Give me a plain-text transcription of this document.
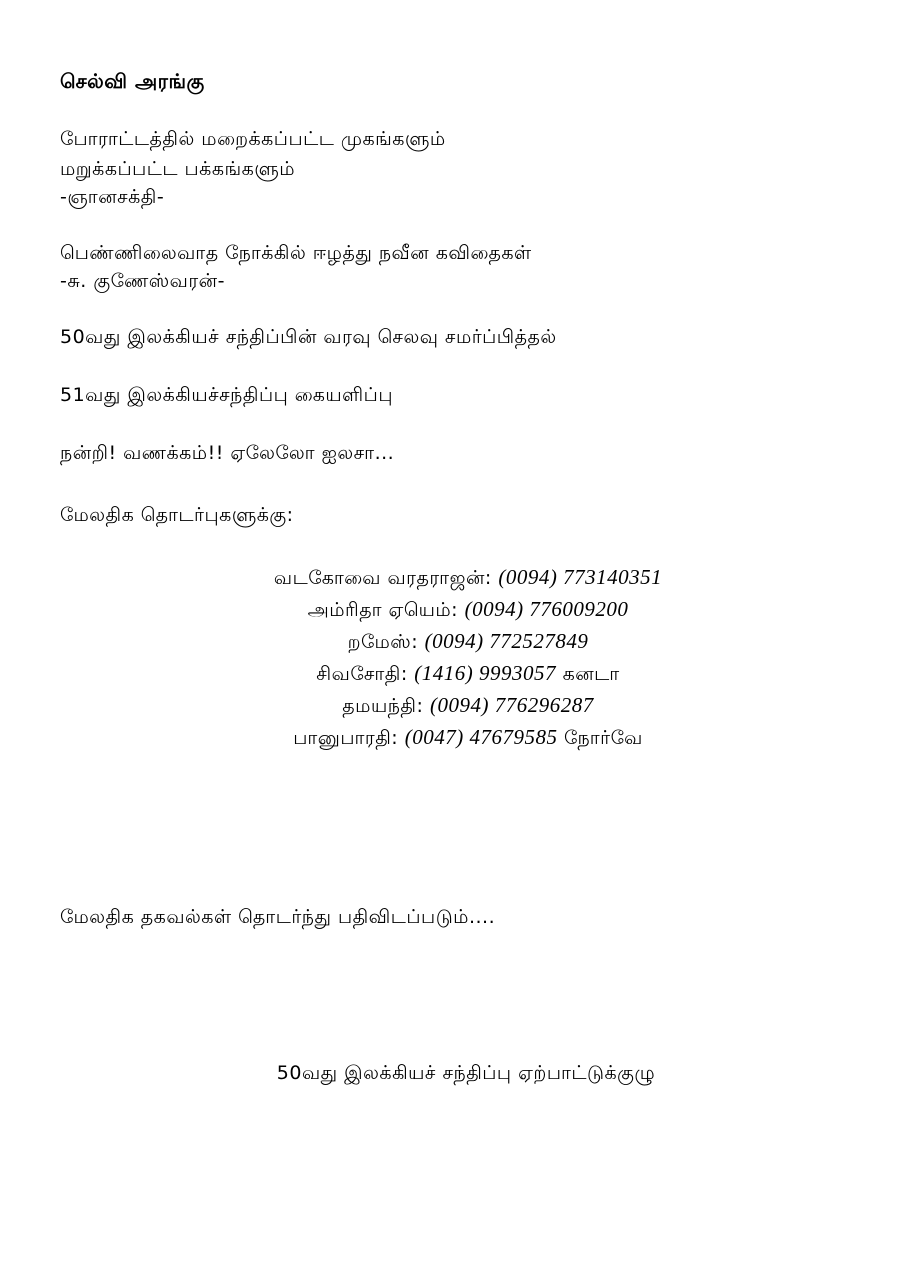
செல்வி அரங்கு
போராட்டத்தில் மறைக்கப்பட்ட முகங்களும்
மறுக்கப்பட்ட பக்கங்களும்
-ஞானசக்தி-
பெண்ணிலைவாத நோக்கில் ஈழத்து நவீன கவிதைகள்
-சு. குணேஸ்வரன்-
50வது இலக்கியச் சந்திப்பின் வரவு செலவு சமர்ப்பித்தல்
51வது இலக்கியச்சந்திப்பு கையளிப்பு
நன்றி! வணக்கம்!! ஏலேலோ ஐலசா...
மேலதிக தொடர்புகளுக்கு:
வடகோவை வரதராஜன்: (0094) 773140351
அம்ரிதா ஏயெம்: (0094) 776009200
றமேஸ்: (0094) 772527849
சிவசோதி: (1416) 9993057 கனடா
தமயந்தி: (0094) 776296287
பானுபாரதி: (0047) 47679585 நோர்வே
மேலதிக தகவல்கள் தொடர்ந்து பதிவிடப்படும்....
50வது இலக்கியச் சந்திப்பு ஏற்பாட்டுக்குழு
